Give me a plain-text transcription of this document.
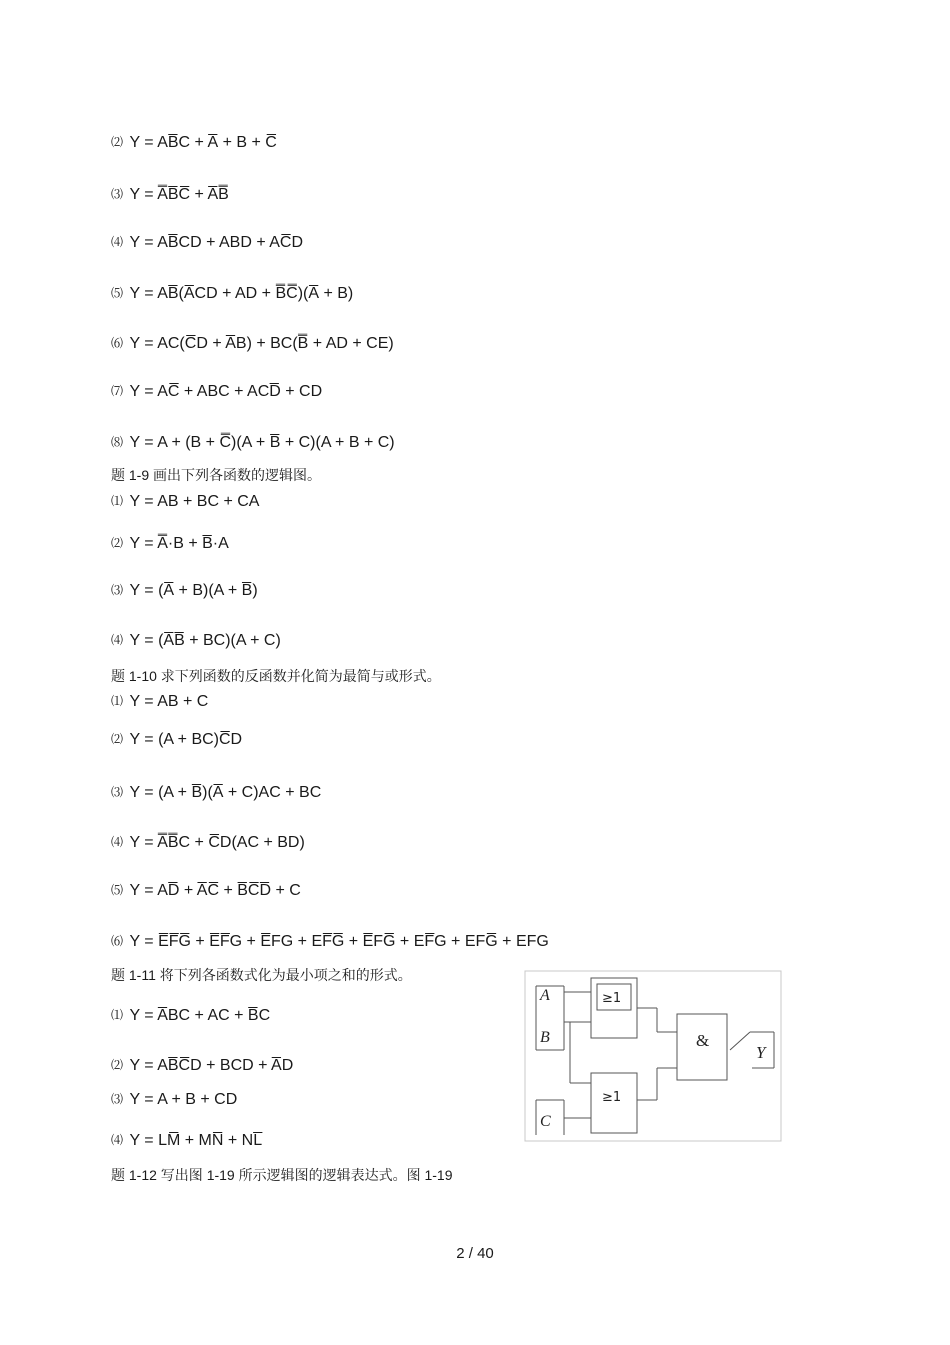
⑵ Y = AB̅C + A̅ + B + C̅
⑶ Y = A̿B̅C̅ + A̅B̿
⑷ Y = AB̅CD + ABD + AC̅D
⑸ Y = AB̅(A̅CD + AD + B̿C̿)(A̅ + B)
⑹ Y = AC(C̅D + A̅B) + BC(B̿ + AD + CE)
⑺ Y = AC̅ + ABC + ACD̅ + CD
⑻ Y = A + (B + C̿)(A + B̅ + C)(A + B + C)
题 1-9 画出下列各函数的逻辑图。
⑴ Y = AB + BC + CA
⑵ Y = A̿·B + B̅·A
⑶ Y = (A̅ + B)(A + B̅)
⑷ Y = (A̅B̅ + BC)(A + C)
题 1-10 求下列函数的反函数并化简为最简与或形式。
⑴ Y = AB + C
⑵ Y = (A + BC)C̅D
⑶ Y = (A + B̅)(A̅ + C)AC + BC
⑷ Y = A̿B̿C + C̅D(AC + BD)
⑸ Y = AD̅ + A̅C̅ + B̅C̅D̅ + C
⑹ Y = E̅F̅G̅ + E̅F̅G + E̅FG + EF̅G̅ + E̅FG̅ + EF̅G + EFG̅ + EFG
题 1-11 将下列各函数式化为最小项之和的形式。
⑴ Y = A̅BC + AC + B̅C
⑵ Y = AB̅C̅D + BCD + A̅D
⑶ Y = A + B + CD
⑷ Y = LM̅ + MN̅ + NL̅
题 1-12 写出图 1-19 所示逻辑图的逻辑表达式。图 1-19
A
B
C
≥1
≥1
&
Y
2 / 40
